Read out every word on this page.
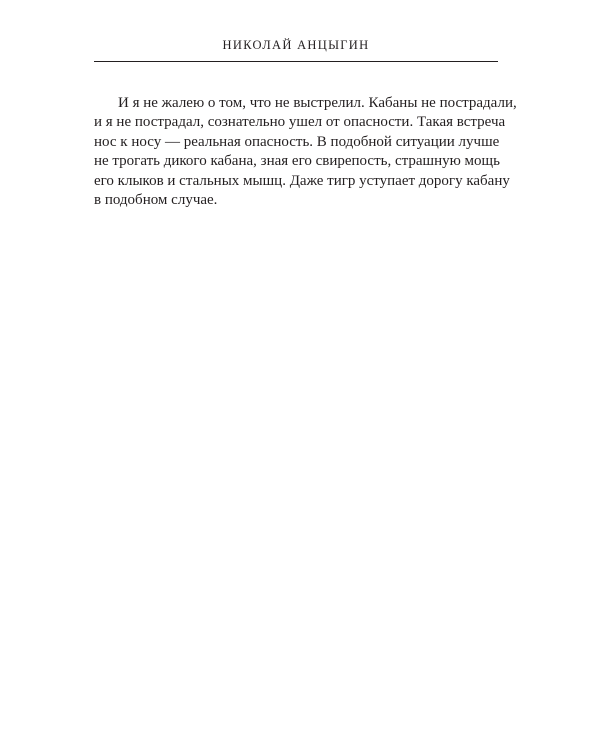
НИКОЛАЙ АНЦЫГИН
И я не жалею о том, что не выстрелил. Кабаны не пострадали,
и я не пострадал, сознательно ушел от опасности. Такая встреча
нос к носу — реальная опасность. В подобной ситуации лучше
не трогать дикого кабана, зная его свирепость, страшную мощь
его клыков и стальных мышц. Даже тигр уступает дорогу кабану
в подобном случае.
